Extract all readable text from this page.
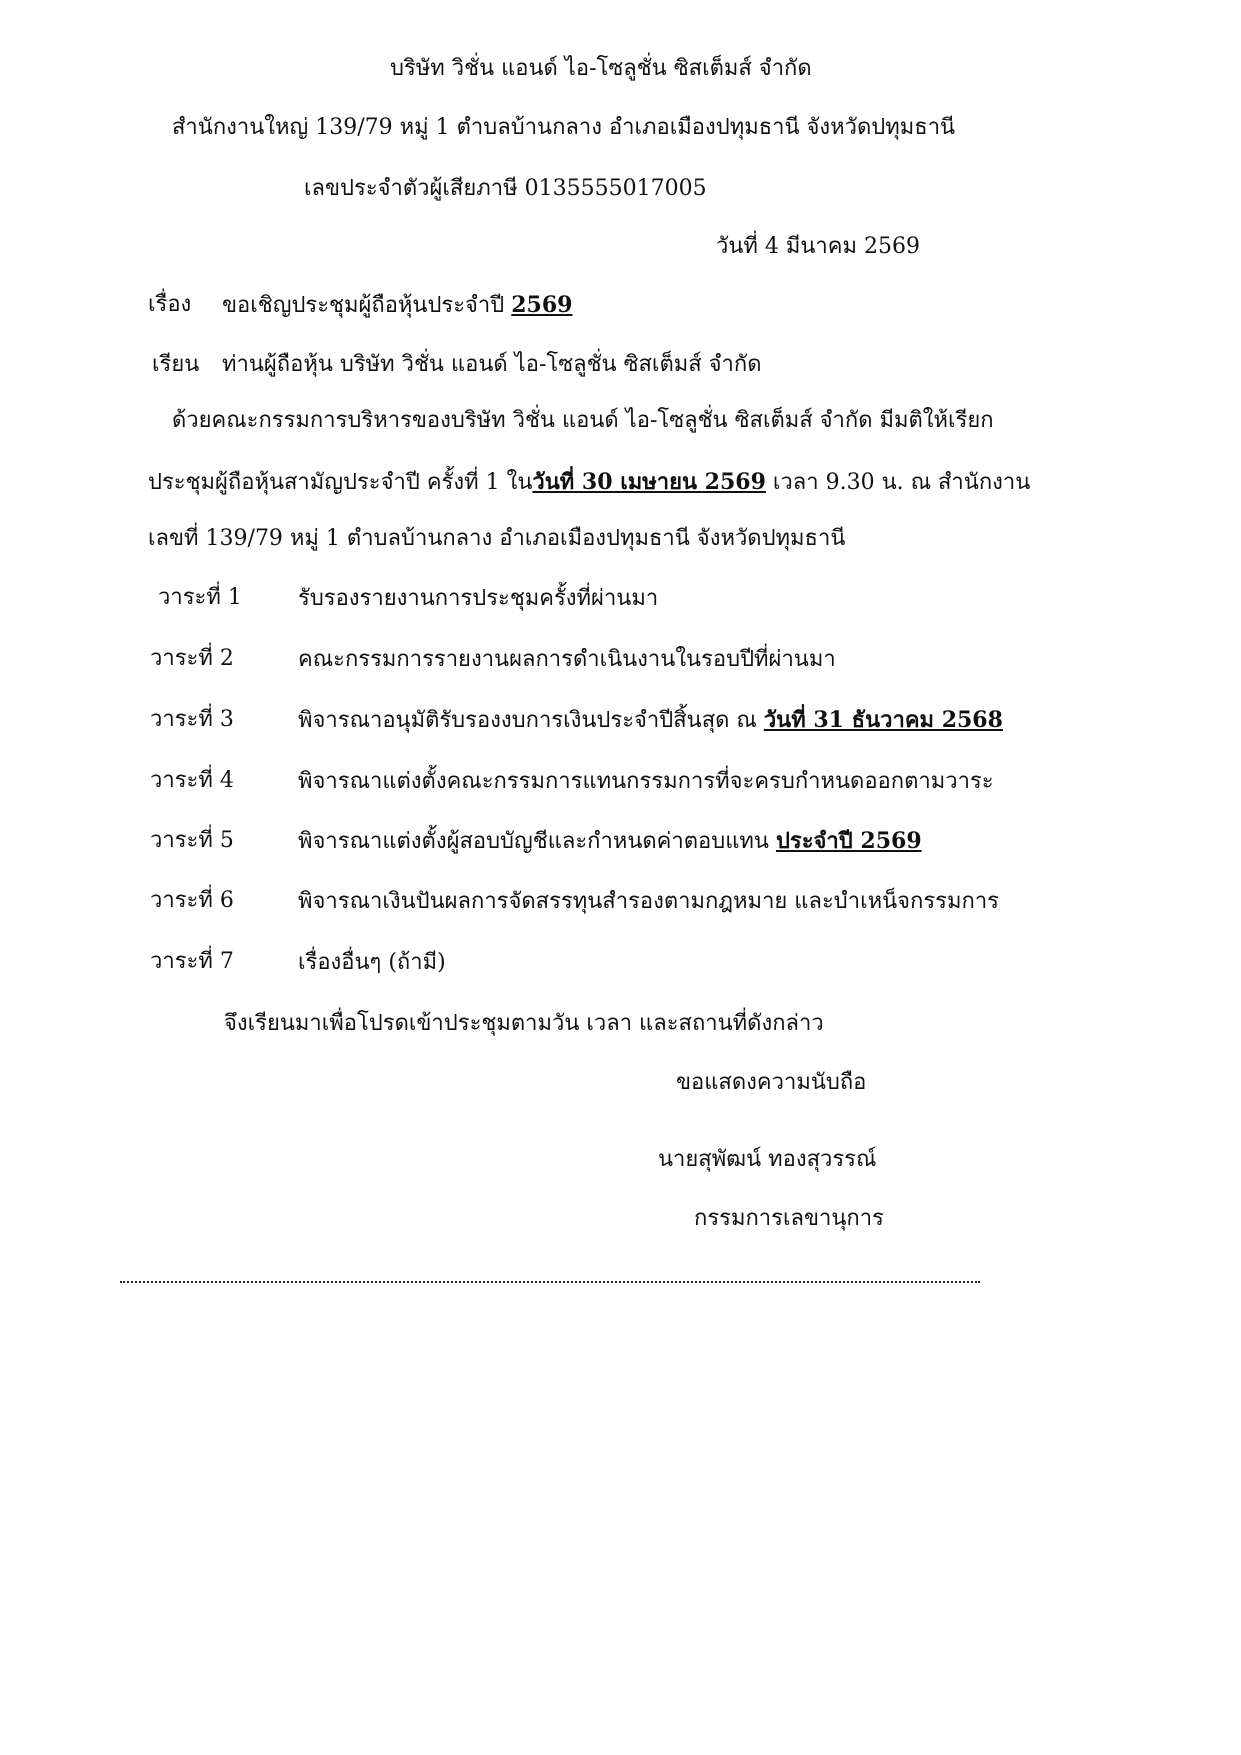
บริษัท วิชั่น แอนด์ ไอ-โซลูชั่น ซิสเต็มส์ จำกัด
สำนักงานใหญ่ 139/79 หมู่ 1 ตำบลบ้านกลาง อำเภอเมืองปทุมธานี จังหวัดปทุมธานี
เลขประจำตัวผู้เสียภาษี 0135555017005
วันที่ 4 มีนาคม 2569
เรื่อง ขอเชิญประชุมผู้ถือหุ้นประจำปี 2569
เรียน ท่านผู้ถือหุ้น บริษัท วิชั่น แอนด์ ไอ-โซลูชั่น ซิสเต็มส์ จำกัด
ด้วยคณะกรรมการบริหารของบริษัท วิชั่น แอนด์ ไอ-โซลูชั่น ซิสเต็มส์ จำกัด มีมติให้เรียก
ประชุมผู้ถือหุ้นสามัญประจำปี ครั้งที่ 1 ในวันที่ 30 เมษายน 2569 เวลา 9.30 น. ณ สำนักงาน
เลขที่ 139/79 หมู่ 1 ตำบลบ้านกลาง อำเภอเมืองปทุมธานี จังหวัดปทุมธานี
วาระที่ 1	รับรองรายงานการประชุมครั้งที่ผ่านมา
วาระที่ 2	คณะกรรมการรายงานผลการดำเนินงานในรอบปีที่ผ่านมา
วาระที่ 3	พิจารณาอนุมัติรับรองงบการเงินประจำปีสิ้นสุด ณ วันที่ 31 ธันวาคม 2568
วาระที่ 4	พิจารณาแต่งตั้งคณะกรรมการแทนกรรมการที่จะครบกำหนดออกตามวาระ
วาระที่ 5	พิจารณาแต่งตั้งผู้สอบบัญชีและกำหนดค่าตอบแทน ประจำปี 2569
วาระที่ 6	พิจารณาเงินปันผลการจัดสรรทุนสำรองตามกฎหมาย และบำเหน็จกรรมการ
วาระที่ 7	เรื่องอื่นๆ (ถ้ามี)
จึงเรียนมาเพื่อโปรดเข้าประชุมตามวัน เวลา และสถานที่ดังกล่าว
ขอแสดงความนับถือ
นายสุพัฒน์ ทองสุวรรณ์
กรรมการเลขานุการ
